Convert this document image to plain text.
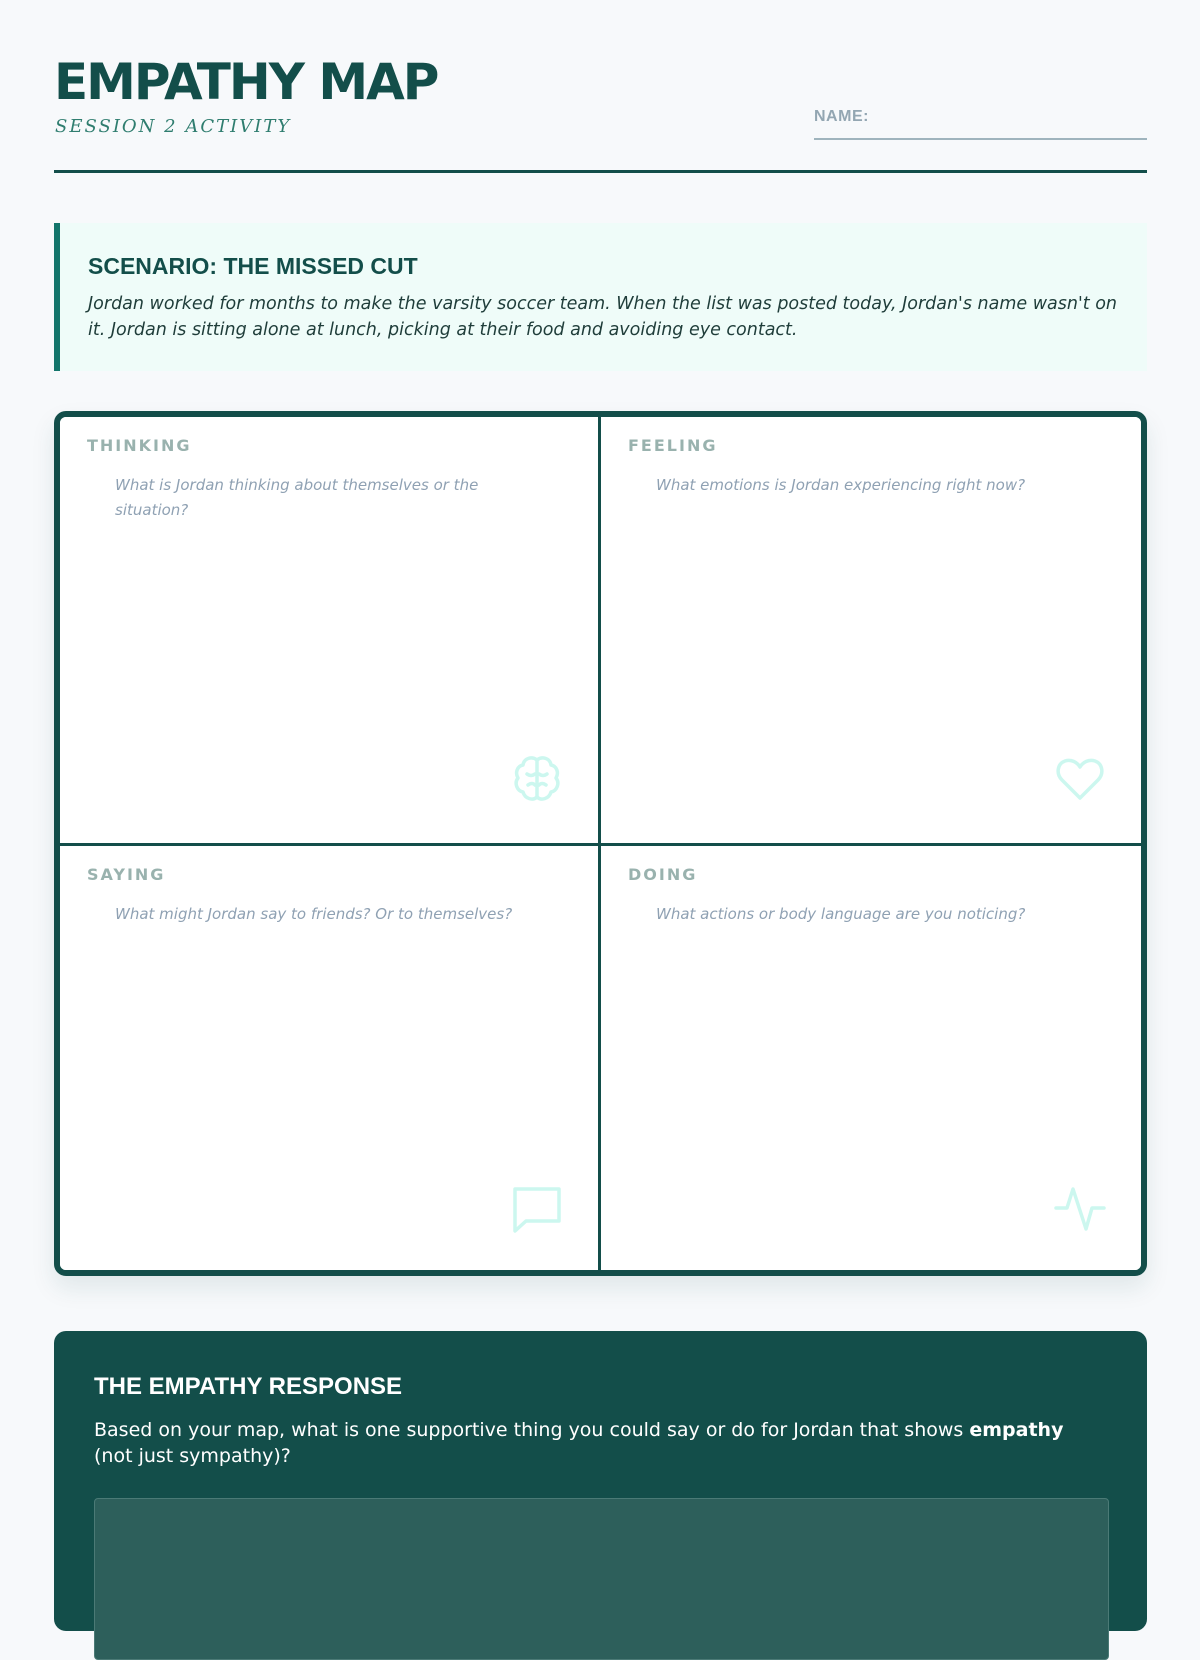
EMPATHY MAP
SESSION 2 ACTIVITY	NAME:
SCENARIO: THE MISSED CUT
Jordan worked for months to make the varsity soccer team. When the list was posted today, Jordan's name wasn't on it. Jordan is sitting alone at lunch, picking at their food and avoiding eye contact.
THINKING
What is Jordan thinking about themselves or the situation?
FEELING
What emotions is Jordan experiencing right now?
SAYING
What might Jordan say to friends? Or to themselves?
DOING
What actions or body language are you noticing?
THE EMPATHY RESPONSE
Based on your map, what is one supportive thing you could say or do for Jordan that shows empathy (not just sympathy)?
